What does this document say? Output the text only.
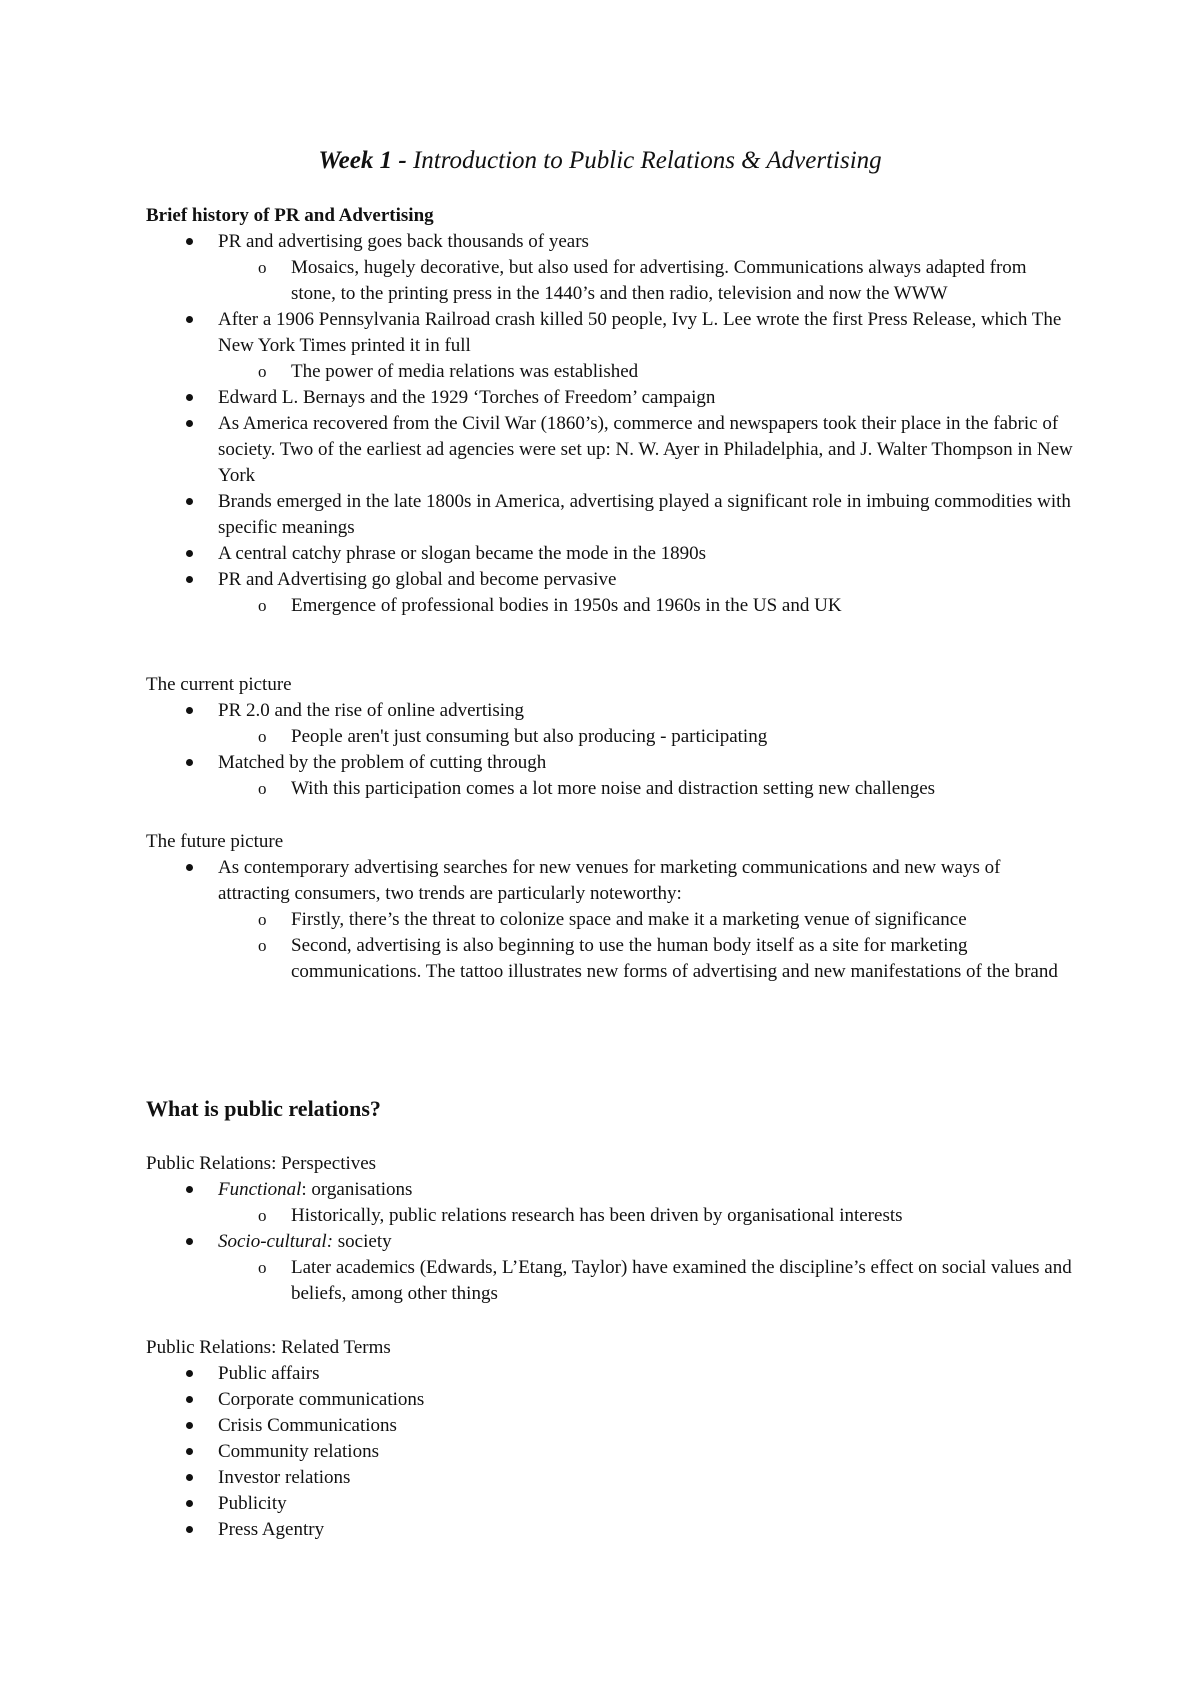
Week 1 - Introduction to Public Relations & Advertising
Brief history of PR and Advertising
PR and advertising goes back thousands of years
o
Mosaics, hugely decorative, but also used for advertising. Communications always adapted from stone, to the printing press in the 1440’s and then radio, television and now the WWW
After a 1906 Pennsylvania Railroad crash killed 50 people, Ivy L. Lee wrote the first Press Release, which The New York Times printed it in full
o
The power of media relations was established
Edward L. Bernays and the 1929 ‘Torches of Freedom’ campaign
As America recovered from the Civil War (1860’s), commerce and newspapers took their place in the fabric of society. Two of the earliest ad agencies were set up: N. W. Ayer in Philadelphia, and J. Walter Thompson in New York
Brands emerged in the late 1800s in America, advertising played a significant role in imbuing commodities with specific meanings
A central catchy phrase or slogan became the mode in the 1890s
PR and Advertising go global and become pervasive
o
Emergence of professional bodies in 1950s and 1960s in the US and UK
The current picture
PR 2.0 and the rise of online advertising
o
People aren't just consuming but also producing - participating
Matched by the problem of cutting through
o
With this participation comes a lot more noise and distraction setting new challenges
The future picture
As contemporary advertising searches for new venues for marketing communications and new ways of attracting consumers, two trends are particularly noteworthy:
o
Firstly, there’s the threat to colonize space and make it a marketing venue of significance
o
Second, advertising is also beginning to use the human body itself as a site for marketing communications. The tattoo illustrates new forms of advertising and new manifestations of the brand
What is public relations?
Public Relations: Perspectives
Functional: organisations
o
Historically, public relations research has been driven by organisational interests
Socio-cultural: society
o
Later academics (Edwards, L’Etang, Taylor) have examined the discipline’s effect on social values and beliefs, among other things
Public Relations: Related Terms
Public affairs
Corporate communications
Crisis Communications
Community relations
Investor relations
Publicity
Press Agentry
